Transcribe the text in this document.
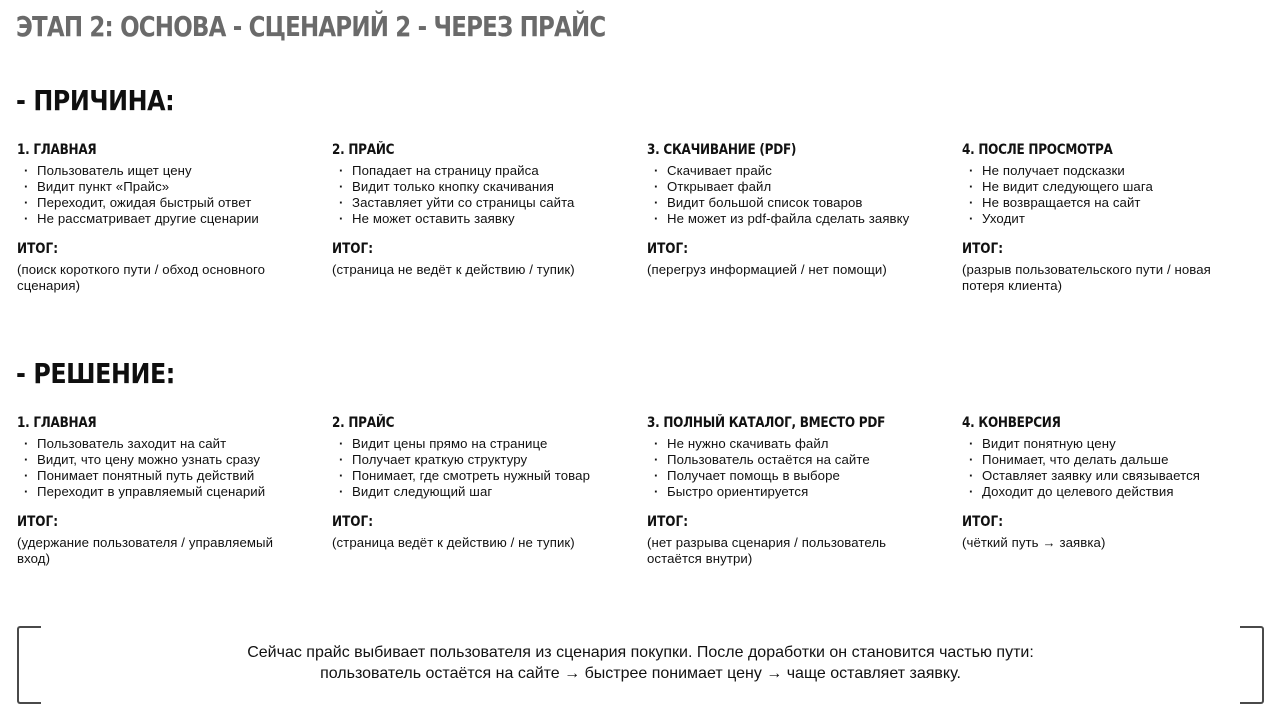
ЭТАП 2: ОСНОВА - СЦЕНАРИЙ 2 - ЧЕРЕЗ ПРАЙС
- ПРИЧИНА:
1. ГЛАВНАЯ
· Пользователь ищет цену
· Видит пункт «Прайс»
· Переходит, ожидая быстрый ответ
· Не рассматривает другие сценарии
ИТОГ:
(поиск короткого пути / обход основного сценария)
2. ПРАЙС
· Попадает на страницу прайса
· Видит только кнопку скачивания
· Заставляет уйти со страницы сайта
· Не может оставить заявку
ИТОГ:
(страница не ведёт к действию / тупик)
3. СКАЧИВАНИЕ (PDF)
· Скачивает прайс
· Открывает файл
· Видит большой список товаров
· Не может из pdf-файла сделать заявку
ИТОГ:
(перегруз информацией / нет помощи)
4. ПОСЛЕ ПРОСМОТРА
· Не получает подсказки
· Не видит следующего шага
· Не возвращается на сайт
· Уходит
ИТОГ:
(разрыв пользовательского пути / новая потеря клиента)
- РЕШЕНИЕ:
1. ГЛАВНАЯ
· Пользователь заходит на сайт
· Видит, что цену можно узнать сразу
· Понимает понятный путь действий
· Переходит в управляемый сценарий
ИТОГ:
(удержание пользователя / управляемый вход)
2. ПРАЙС
· Видит цены прямо на странице
· Получает краткую структуру
· Понимает, где смотреть нужный товар
· Видит следующий шаг
ИТОГ:
(страница ведёт к действию / не тупик)
3. ПОЛНЫЙ КАТАЛОГ, ВМЕСТО PDF
· Не нужно скачивать файл
· Пользователь остаётся на сайте
· Получает помощь в выборе
· Быстро ориентируется
ИТОГ:
(нет разрыва сценария / пользователь остаётся внутри)
4. КОНВЕРСИЯ
· Видит понятную цену
· Понимает, что делать дальше
· Оставляет заявку или связывается
· Доходит до целевого действия
ИТОГ:
(чёткий путь → заявка)
Сейчас прайс выбивает пользователя из сценария покупки. После доработки он становится частью пути:
пользователь остаётся на сайте → быстрее понимает цену → чаще оставляет заявку.
